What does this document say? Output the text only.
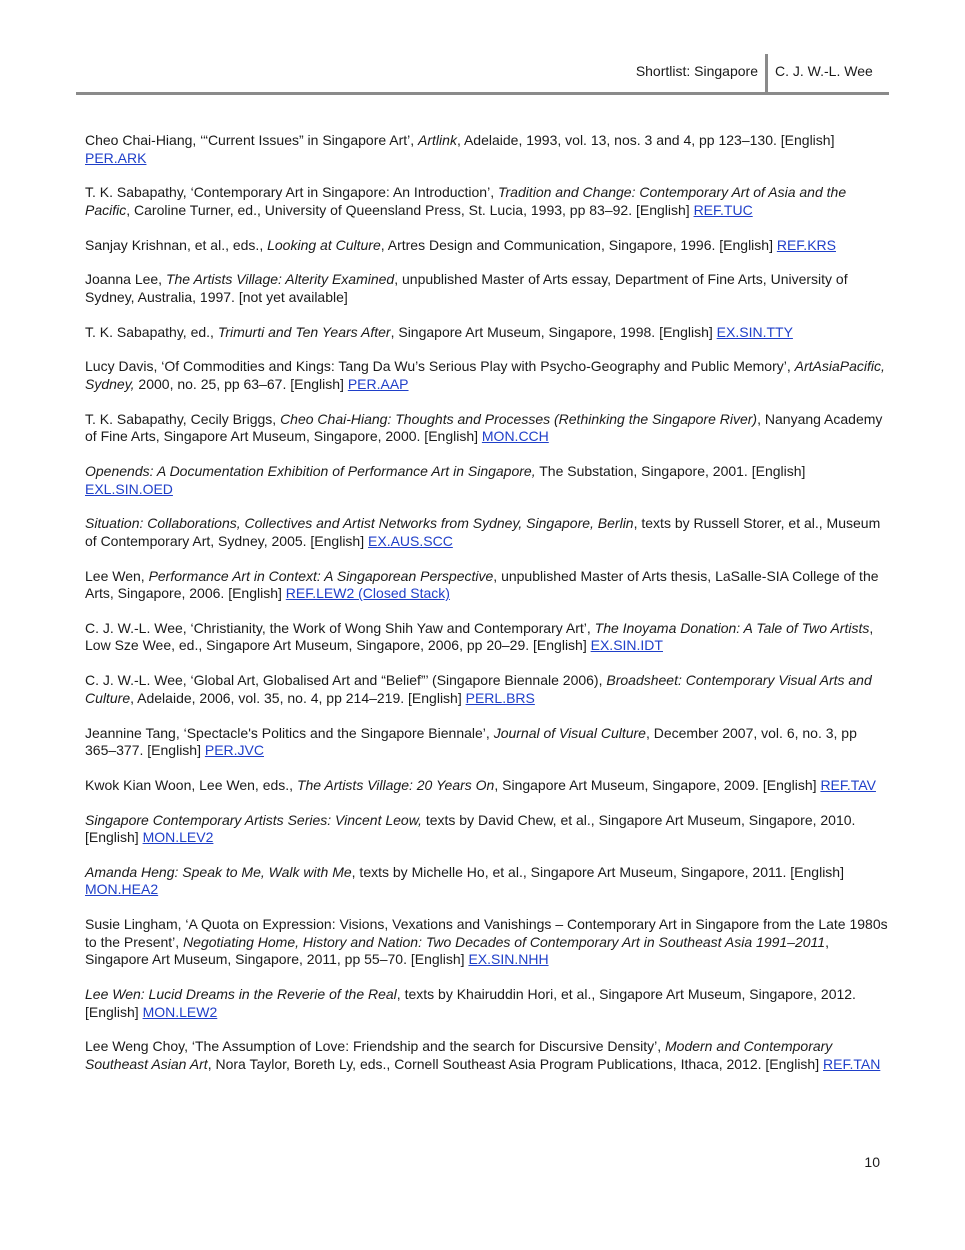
Shortlist: Singapore C. J. W.-L. Wee

Cheo Chai-Hiang, ‘“Current Issues” in Singapore Art’, Artlink, Adelaide, 1993, vol. 13, nos. 3 and 4, pp 123–130. [English] PER.ARK

T. K. Sabapathy, ‘Contemporary Art in Singapore: An Introduction’, Tradition and Change: Contemporary Art of Asia and the Pacific, Caroline Turner, ed., University of Queensland Press, St. Lucia, 1993, pp 83–92. [English] REF.TUC

Sanjay Krishnan, et al., eds., Looking at Culture, Artres Design and Communication, Singapore, 1996. [English] REF.KRS

Joanna Lee, The Artists Village: Alterity Examined, unpublished Master of Arts essay, Department of Fine Arts, University of Sydney, Australia, 1997. [not yet available]

T. K. Sabapathy, ed., Trimurti and Ten Years After, Singapore Art Museum, Singapore, 1998. [English] EX.SIN.TTY

Lucy Davis, ‘Of Commodities and Kings: Tang Da Wu’s Serious Play with Psycho-Geography and Public Memory’, ArtAsiaPacific, Sydney, 2000, no. 25, pp 63–67. [English] PER.AAP

T. K. Sabapathy, Cecily Briggs, Cheo Chai-Hiang: Thoughts and Processes (Rethinking the Singapore River), Nanyang Academy of Fine Arts, Singapore Art Museum, Singapore, 2000. [English] MON.CCH

Openends: A Documentation Exhibition of Performance Art in Singapore, The Substation, Singapore, 2001. [English] EXL.SIN.OED

Situation: Collaborations, Collectives and Artist Networks from Sydney, Singapore, Berlin, texts by Russell Storer, et al., Museum of Contemporary Art, Sydney, 2005. [English] EX.AUS.SCC

Lee Wen, Performance Art in Context: A Singaporean Perspective, unpublished Master of Arts thesis, LaSalle-SIA College of the Arts, Singapore, 2006. [English] REF.LEW2 (Closed Stack)

C. J. W.-L. Wee, ‘Christianity, the Work of Wong Shih Yaw and Contemporary Art’, The Inoyama Donation: A Tale of Two Artists, Low Sze Wee, ed., Singapore Art Museum, Singapore, 2006, pp 20–29. [English] EX.SIN.IDT

C. J. W.-L. Wee, ‘Global Art, Globalised Art and “Belief”’ (Singapore Biennale 2006), Broadsheet: Contemporary Visual Arts and Culture, Adelaide, 2006, vol. 35, no. 4, pp 214–219. [English] PERL.BRS

Jeannine Tang, ‘Spectacle's Politics and the Singapore Biennale’, Journal of Visual Culture, December 2007, vol. 6, no. 3, pp 365–377. [English] PER.JVC

Kwok Kian Woon, Lee Wen, eds., The Artists Village: 20 Years On, Singapore Art Museum, Singapore, 2009. [English] REF.TAV

Singapore Contemporary Artists Series: Vincent Leow, texts by David Chew, et al., Singapore Art Museum, Singapore, 2010. [English] MON.LEV2

Amanda Heng: Speak to Me, Walk with Me, texts by Michelle Ho, et al., Singapore Art Museum, Singapore, 2011. [English] MON.HEA2

Susie Lingham, ‘A Quota on Expression: Visions, Vexations and Vanishings – Contemporary Art in Singapore from the Late 1980s to the Present’, Negotiating Home, History and Nation: Two Decades of Contemporary Art in Southeast Asia 1991–2011, Singapore Art Museum, Singapore, 2011, pp 55–70. [English] EX.SIN.NHH

Lee Wen: Lucid Dreams in the Reverie of the Real, texts by Khairuddin Hori, et al., Singapore Art Museum, Singapore, 2012. [English] MON.LEW2

Lee Weng Choy, ‘The Assumption of Love: Friendship and the search for Discursive Density’, Modern and Contemporary Southeast Asian Art, Nora Taylor, Boreth Ly, eds., Cornell Southeast Asia Program Publications, Ithaca, 2012. [English] REF.TAN

10
